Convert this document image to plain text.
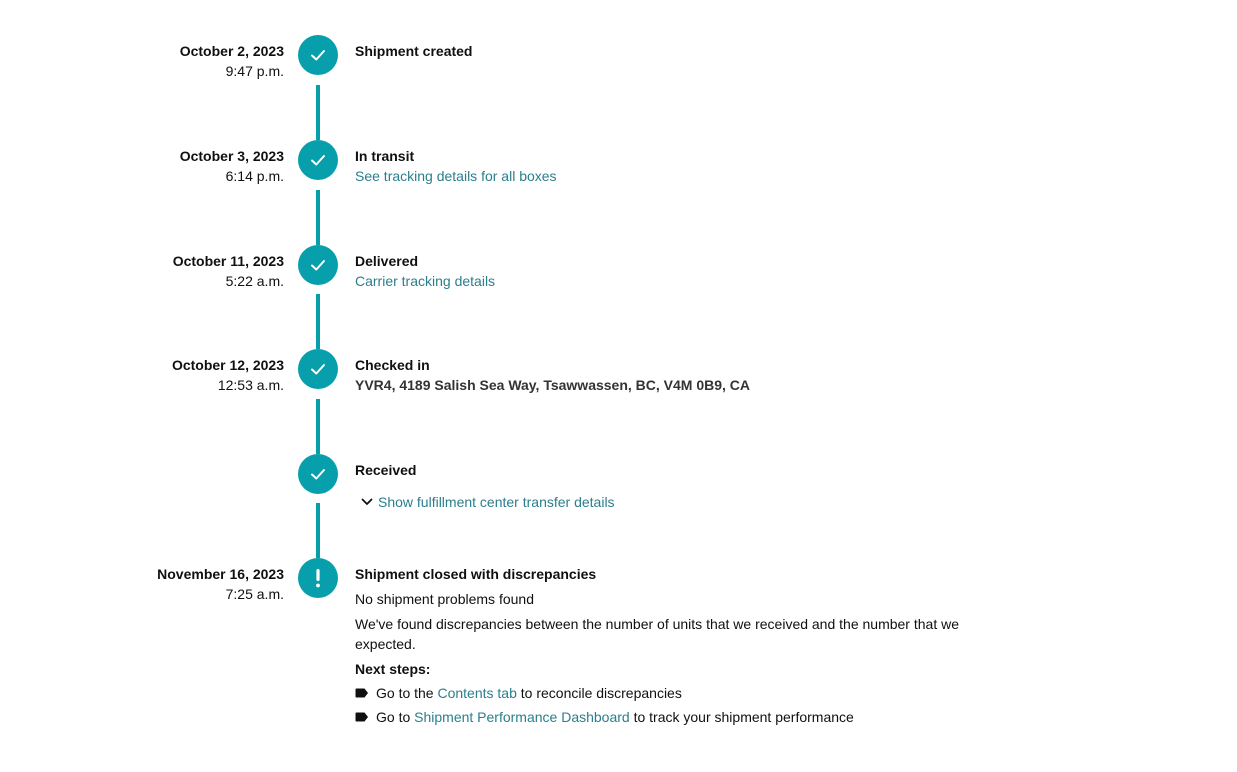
October 2, 2023
9:47 p.m.
Shipment created
October 3, 2023
6:14 p.m.
In transit
See tracking details for all boxes
October 11, 2023
5:22 a.m.
Delivered
Carrier tracking details
October 12, 2023
12:53 a.m.
Checked in
YVR4, 4189 Salish Sea Way, Tsawwassen, BC, V4M 0B9, CA
Received
Show fulfillment center transfer details
November 16, 2023
7:25 a.m.
Shipment closed with discrepancies
No shipment problems found
We've found discrepancies between the number of units that we received and the number that we expected.
Next steps:
Go to the Contents tab to reconcile discrepancies
Go to Shipment Performance Dashboard to track your shipment performance
